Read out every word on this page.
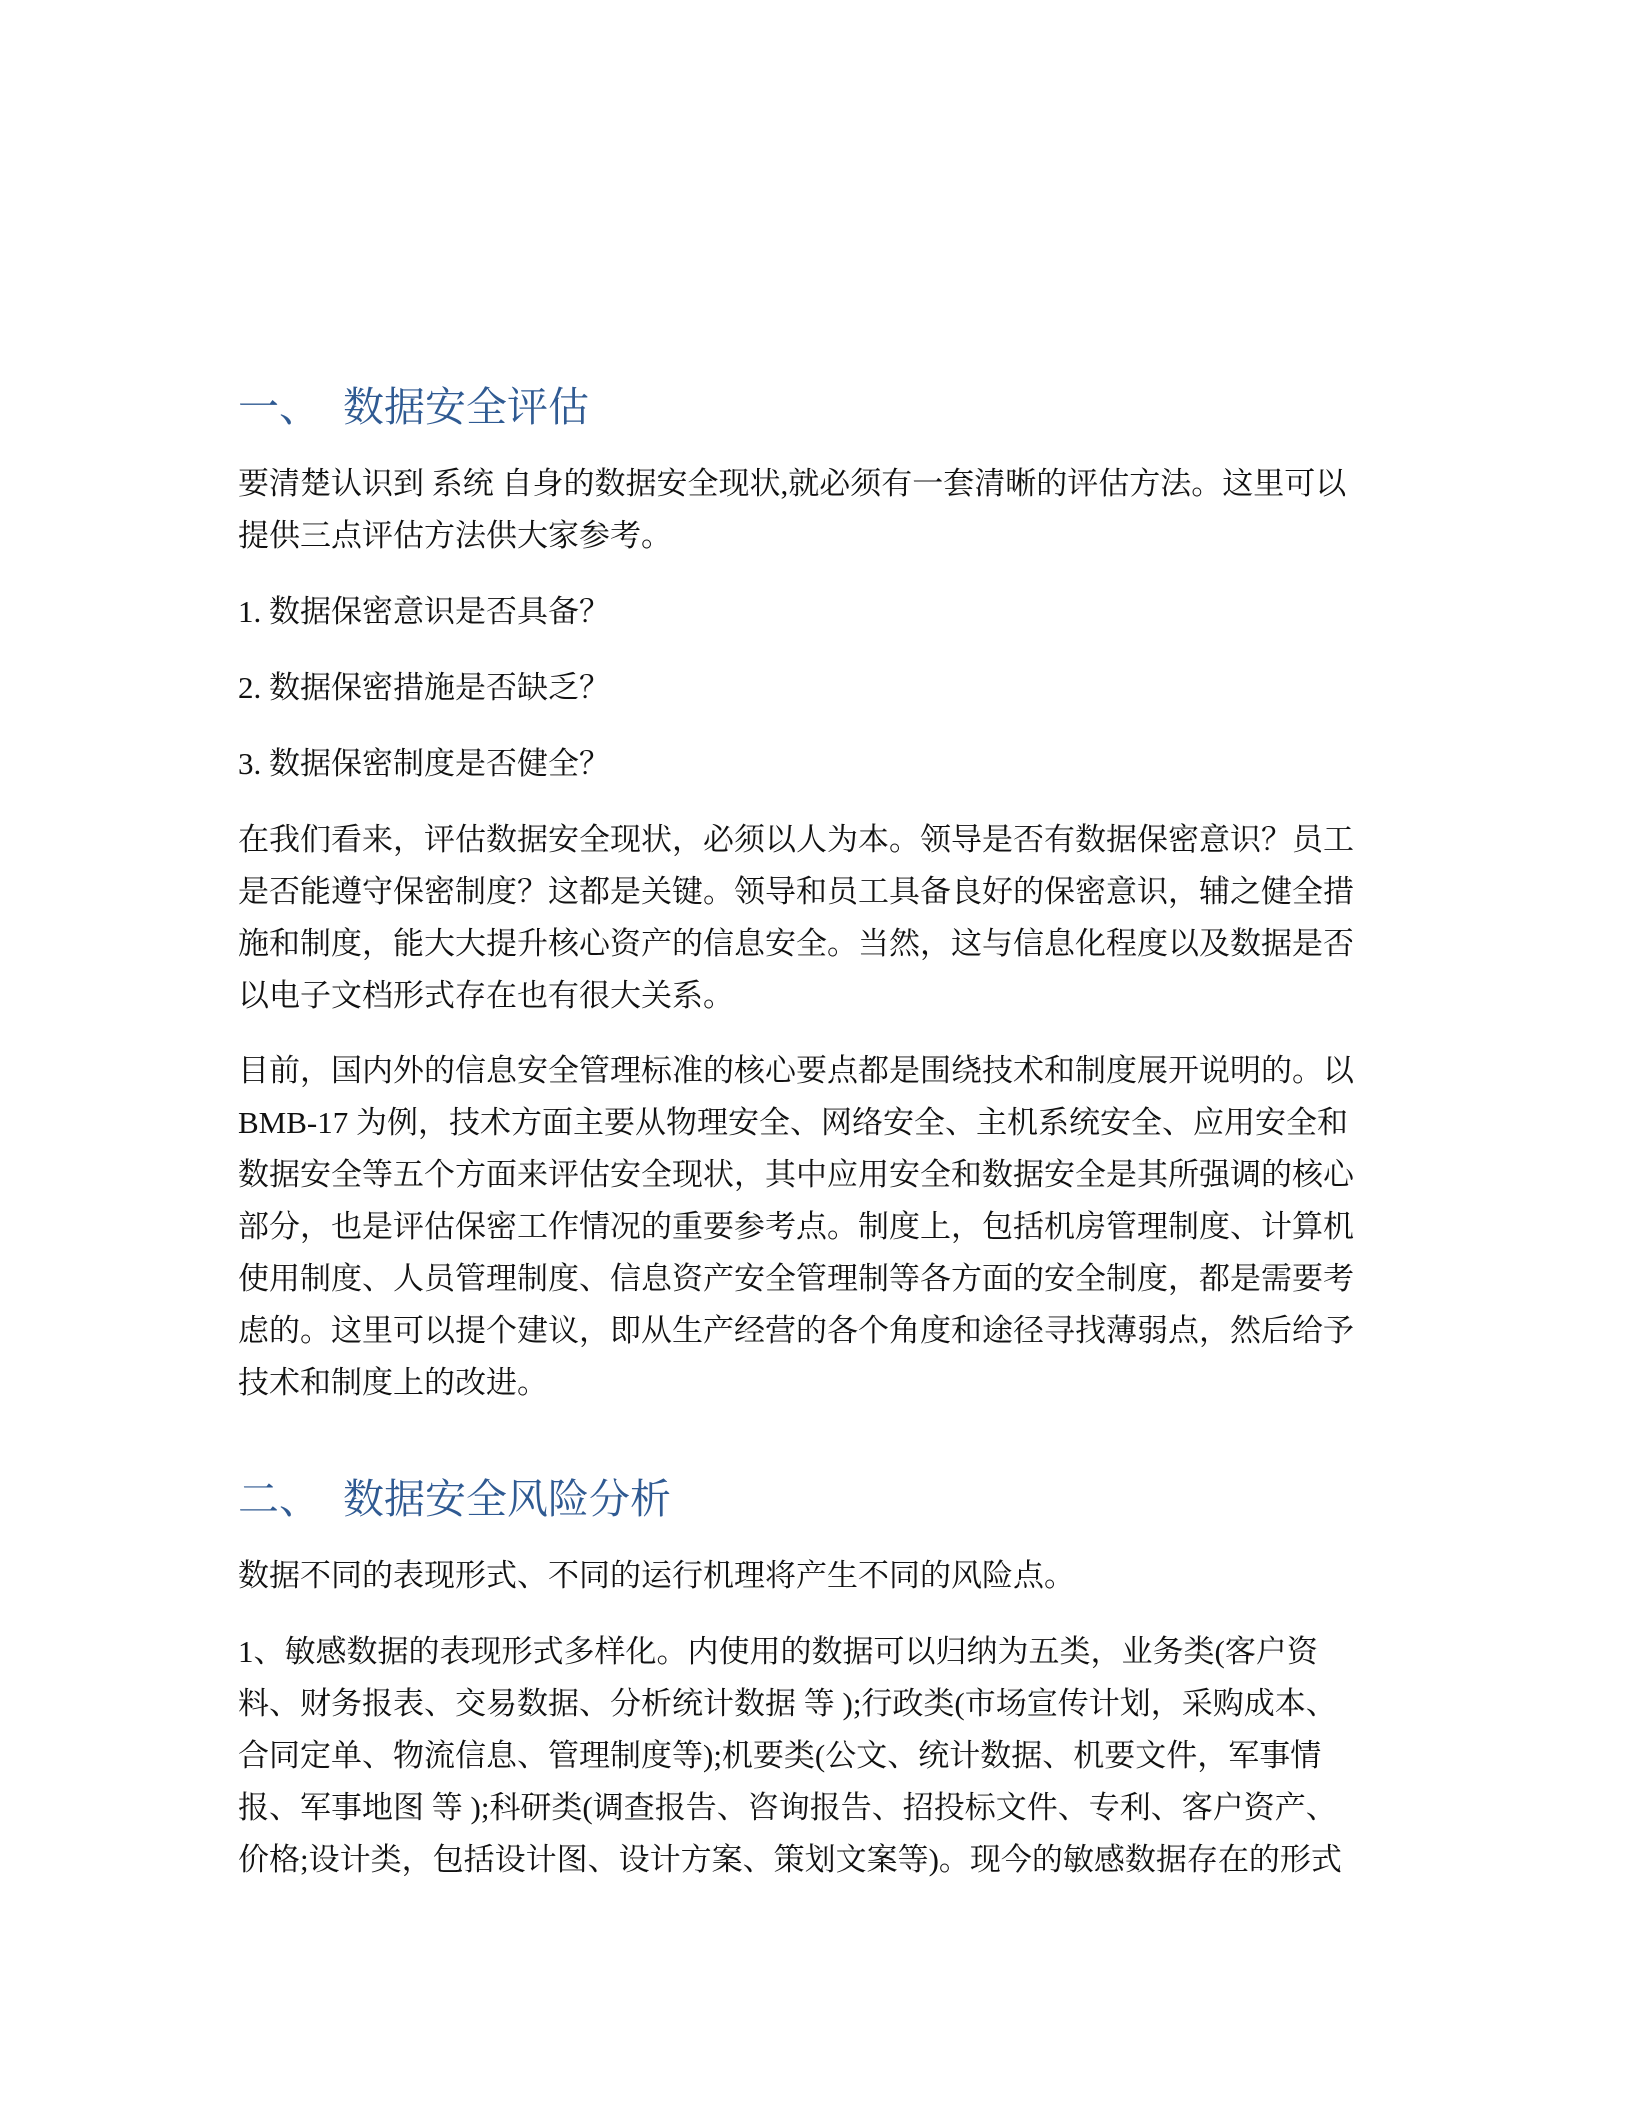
一、 数据安全评估
要清楚认识到 系统 自身的数据安全现状,就必须有一套清晰的评估方法。这里可以
提供三点评估方法供大家参考。
1. 数据保密意识是否具备？
2. 数据保密措施是否缺乏？
3. 数据保密制度是否健全？
在我们看来，评估数据安全现状，必须以人为本。领导是否有数据保密意识？员工
是否能遵守保密制度？这都是关键。领导和员工具备良好的保密意识，辅之健全措
施和制度，能大大提升核心资产的信息安全。当然，这与信息化程度以及数据是否
以电子文档形式存在也有很大关系。
目前，国内外的信息安全管理标准的核心要点都是围绕技术和制度展开说明的。以
BMB-17 为例，技术方面主要从物理安全、网络安全、主机系统安全、应用安全和
数据安全等五个方面来评估安全现状，其中应用安全和数据安全是其所强调的核心
部分，也是评估保密工作情况的重要参考点。制度上，包括机房管理制度、计算机
使用制度、人员管理制度、信息资产安全管理制等各方面的安全制度，都是需要考
虑的。这里可以提个建议，即从生产经营的各个角度和途径寻找薄弱点，然后给予
技术和制度上的改进。
二、 数据安全风险分析
数据不同的表现形式、不同的运行机理将产生不同的风险点。
1、敏感数据的表现形式多样化。内使用的数据可以归纳为五类，业务类(客户资
料、财务报表、交易数据、分析统计数据 等 );行政类(市场宣传计划，采购成本、
合同定单、物流信息、管理制度等);机要类(公文、统计数据、机要文件，军事情
报、军事地图 等 );科研类(调查报告、咨询报告、招投标文件、专利、客户资产、
价格;设计类，包括设计图、设计方案、策划文案等)。现今的敏感数据存在的形式
